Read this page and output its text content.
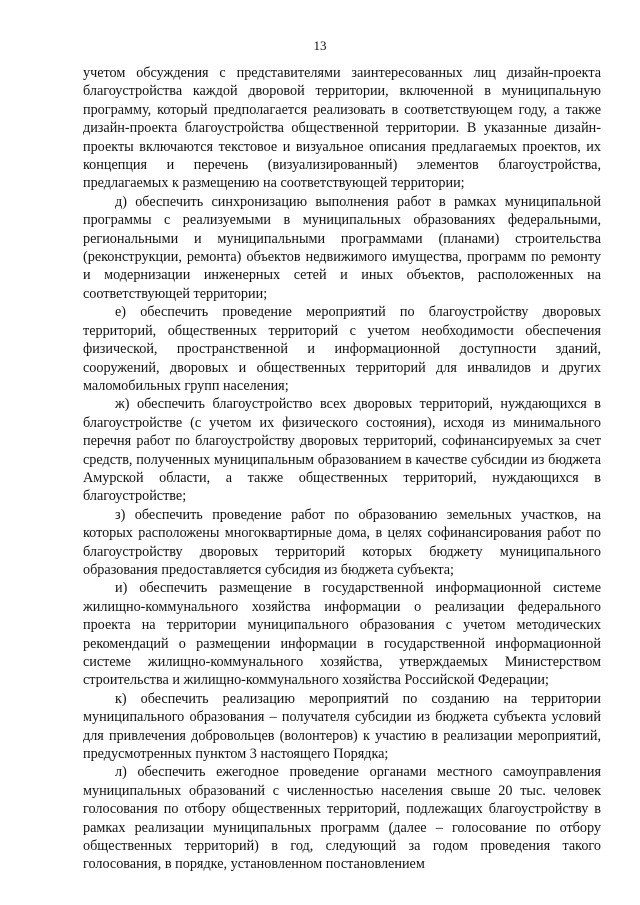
13

учетом обсуждения с представителями заинтересованных лиц дизайн-проекта благоустройства каждой дворовой территории, включенной в муниципальную программу, который предполагается реализовать в соответствующем году, а также дизайн-проекта благоустройства общественной территории. В указанные дизайн-проекты включаются текстовое и визуальное описания предлагаемых проектов, их концепция и перечень (визуализированный) элементов благоустройства, предлагаемых к размещению на соответствующей территории;

д) обеспечить синхронизацию выполнения работ в рамках муниципальной программы с реализуемыми в муниципальных образованиях федеральными, региональными и муниципальными программами (планами) строительства (реконструкции, ремонта) объектов недвижимого имущества, программ по ремонту и модернизации инженерных сетей и иных объектов, расположенных на соответствующей территории;

е) обеспечить проведение мероприятий по благоустройству дворовых территорий, общественных территорий с учетом необходимости обеспечения физической, пространственной и информационной доступности зданий, сооружений, дворовых и общественных территорий для инвалидов и других маломобильных групп населения;

ж) обеспечить благоустройство всех дворовых территорий, нуждающихся в благоустройстве (с учетом их физического состояния), исходя из минимального перечня работ по благоустройству дворовых территорий, софинансируемых за счет средств, полученных муниципальным образованием в качестве субсидии из бюджета Амурской области, а также общественных территорий, нуждающихся в благоустройстве;

з) обеспечить проведение работ по образованию земельных участков, на которых расположены многоквартирные дома, в целях софинансирования работ по благоустройству дворовых территорий которых бюджету муниципального образования предоставляется субсидия из бюджета субъекта;

и) обеспечить размещение в государственной информационной системе жилищно-коммунального хозяйства информации о реализации федерального проекта на территории муниципального образования с учетом методических рекомендаций о размещении информации в государственной информационной системе жилищно-коммунального хозяйства, утверждаемых Министерством строительства и жилищно-коммунального хозяйства Российской Федерации;

к) обеспечить реализацию мероприятий по созданию на территории муниципального образования – получателя субсидии из бюджета субъекта условий для привлечения добровольцев (волонтеров) к участию в реализации мероприятий, предусмотренных пунктом 3 настоящего Порядка;

л) обеспечить ежегодное проведение органами местного самоуправления муниципальных образований с численностью населения свыше 20 тыс. человек голосования по отбору общественных территорий, подлежащих благоустройству в рамках реализации муниципальных программ (далее – голосование по отбору общественных территорий) в год, следующий за годом проведения такого голосования, в порядке, установленном постановлением
